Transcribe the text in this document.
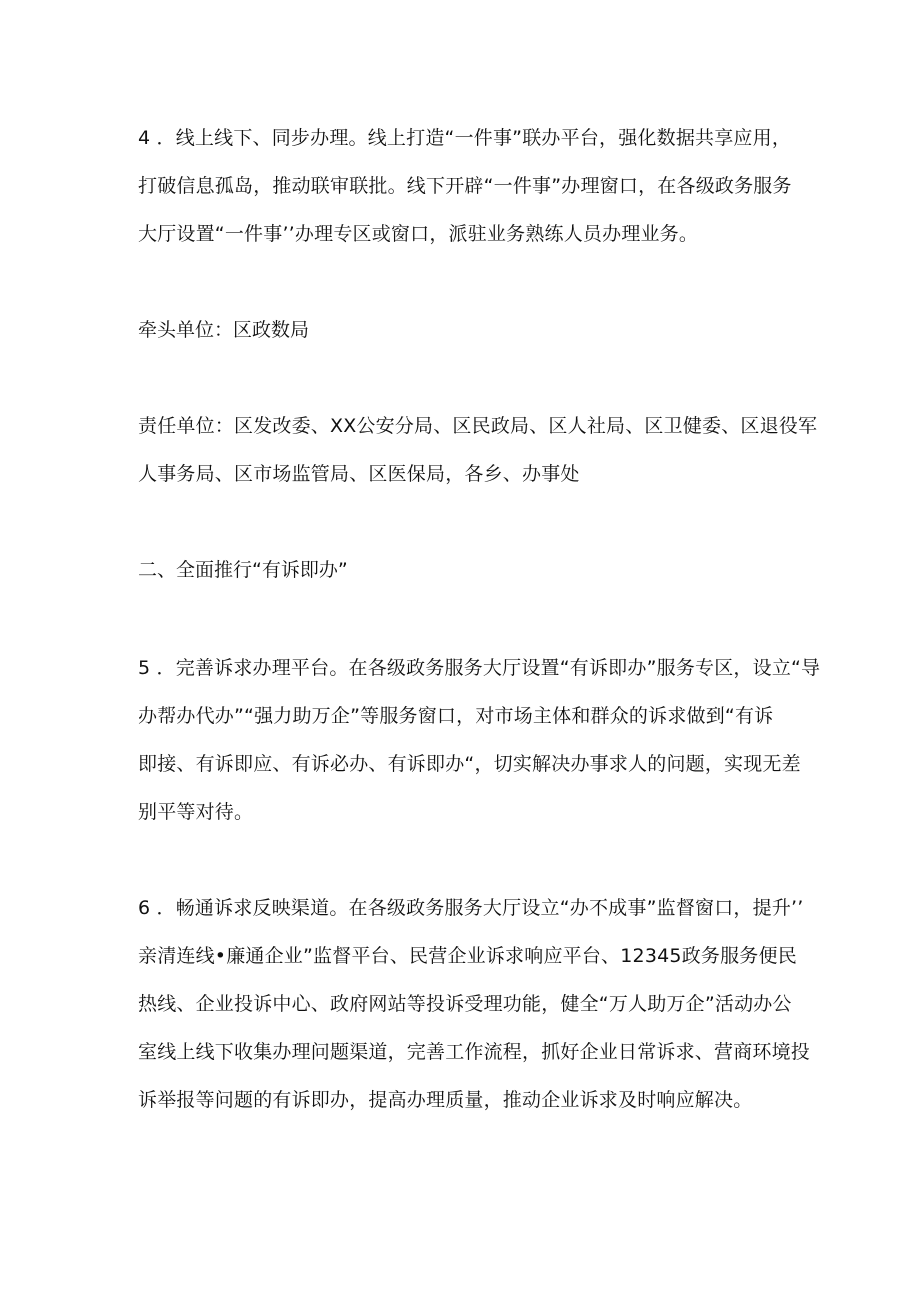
4 ．线上线下、同步办理。线上打造“一件事”联办平台，强化数据共享应用，
打破信息孤岛，推动联审联批。线下开辟“一件事”办理窗口，在各级政务服务
大厅设置“一件事’’办理专区或窗口，派驻业务熟练人员办理业务。

牵头单位：区政数局

责任单位：区发改委、XX公安分局、区民政局、区人社局、区卫健委、区退役军
人事务局、区市场监管局、区医保局，各乡、办事处

二、全面推行“有诉即办”

5 ．完善诉求办理平台。在各级政务服务大厅设置“有诉即办”服务专区，设立“导
办帮办代办”“强力助万企”等服务窗口，对市场主体和群众的诉求做到“有诉
即接、有诉即应、有诉必办、有诉即办“，切实解决办事求人的问题，实现无差
别平等对待。

6 ．畅通诉求反映渠道。在各级政务服务大厅设立“办不成事”监督窗口，提升’’
亲清连线•廉通企业”监督平台、民营企业诉求响应平台、12345政务服务便民
热线、企业投诉中心、政府网站等投诉受理功能，健全“万人助万企”活动办公
室线上线下收集办理问题渠道，完善工作流程，抓好企业日常诉求、营商环境投
诉举报等问题的有诉即办，提高办理质量，推动企业诉求及时响应解决。
